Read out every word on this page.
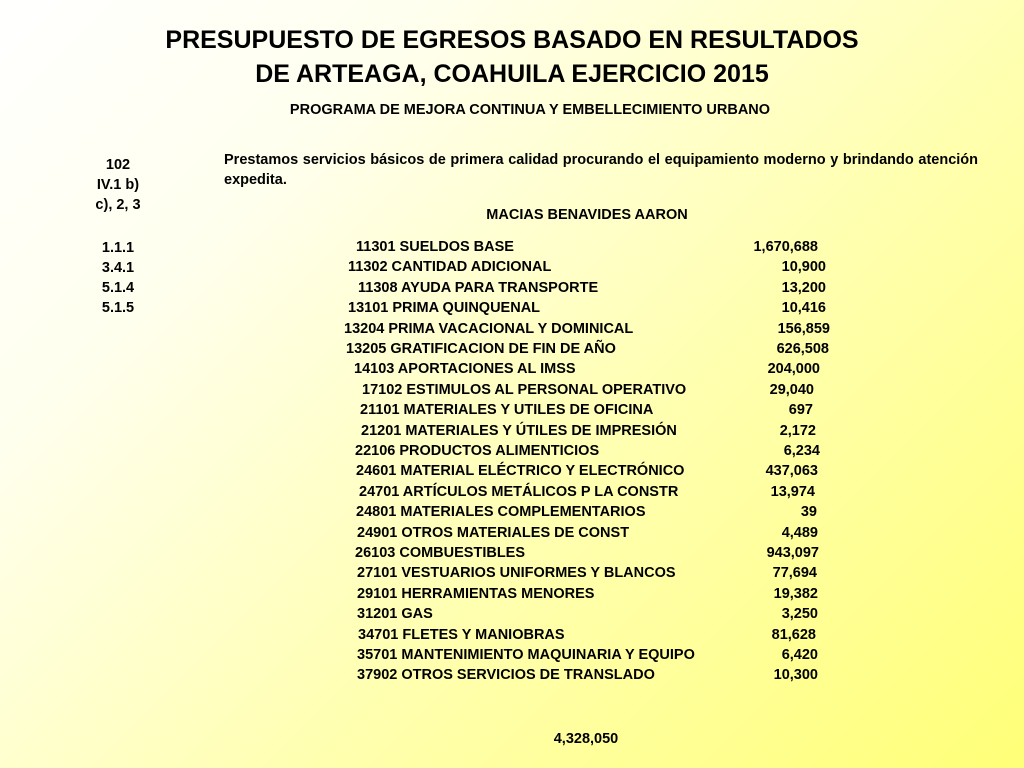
PRESUPUESTO DE EGRESOS BASADO EN RESULTADOS
DE ARTEAGA, COAHUILA EJERCICIO 2015
PROGRAMA DE MEJORA CONTINUA Y EMBELLECIMIENTO URBANO
102
IV.1 b)
c), 2, 3
1.1.1
3.4.1
5.1.4
5.1.5
Prestamos servicios básicos de primera calidad procurando el equipamiento moderno y brindando atención expedita.
MACIAS BENAVIDES AARON
11301 SUELDOS BASE	1,670,688
11302 CANTIDAD ADICIONAL	10,900
11308 AYUDA PARA TRANSPORTE	13,200
13101 PRIMA QUINQUENAL	10,416
13204 PRIMA VACACIONAL Y DOMINICAL	156,859
13205 GRATIFICACION DE FIN DE AÑO	626,508
14103 APORTACIONES AL IMSS	204,000
17102 ESTIMULOS AL PERSONAL OPERATIVO	29,040
21101 MATERIALES Y UTILES DE OFICINA	697
21201 MATERIALES Y ÚTILES DE IMPRESIÓN	2,172
22106 PRODUCTOS ALIMENTICIOS	6,234
24601 MATERIAL ELÉCTRICO Y ELECTRÓNICO	437,063
24701 ARTÍCULOS METÁLICOS P LA CONSTR	13,974
24801 MATERIALES COMPLEMENTARIOS	39
24901 OTROS MATERIALES DE CONST	4,489
26103 COMBUESTIBLES	943,097
27101 VESTUARIOS UNIFORMES Y BLANCOS	77,694
29101 HERRAMIENTAS MENORES	19,382
31201 GAS	3,250
34701 FLETES Y MANIOBRAS	81,628
35701 MANTENIMIENTO MAQUINARIA Y EQUIPO	6,420
37902 OTROS SERVICIOS DE TRANSLADO	10,300
4,328,050
